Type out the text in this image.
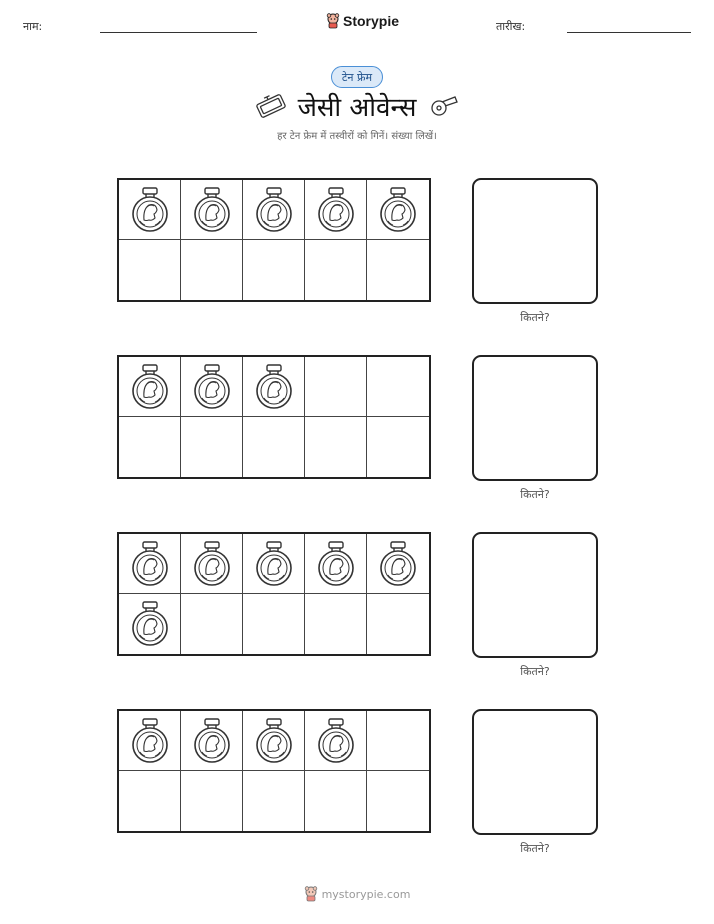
नाम:	Storypie	तारीख:
टेन फ्रेम
जेसी ओवेन्स
हर टेन फ्रेम में तस्वीरों को गिनें। संख्या लिखें।
कितने?
कितने?
कितने?
कितने?
mystorypie.com
